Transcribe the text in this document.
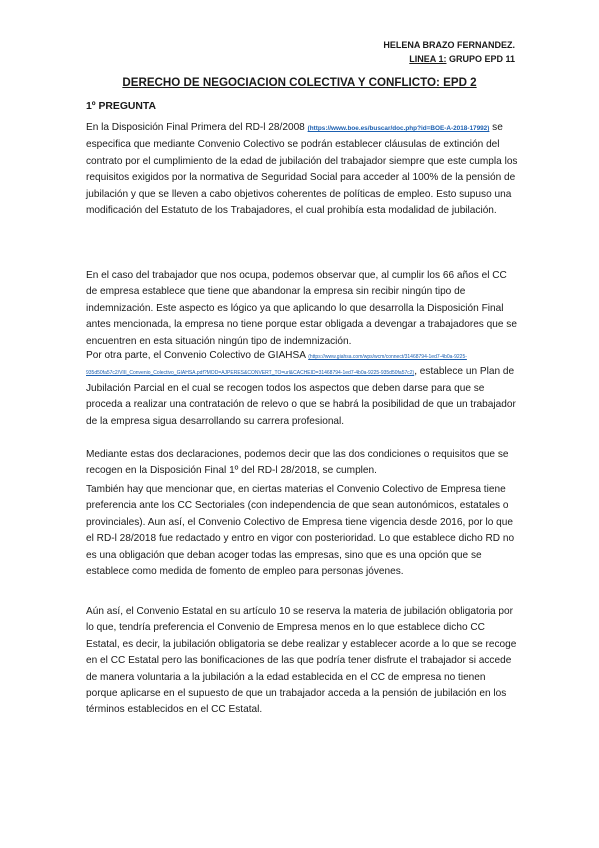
HELENA BRAZO FERNANDEZ.
LINEA 1: GRUPO EPD 11
DERECHO DE NEGOCIACION COLECTIVA Y CONFLICTO: EPD 2
1º PREGUNTA

En la Disposición Final Primera del RD-l 28/2008 (https://www.boe.es/buscar/doc.php?id=BOE-A-2018-17992) se especifica que mediante Convenio Colectivo se podrán establecer cláusulas de extinción del contrato por el cumplimiento de la edad de jubilación del trabajador siempre que este cumpla los requisitos exigidos por la normativa de Seguridad Social para acceder al 100% de la pensión de jubilación y que se lleven a cabo objetivos coherentes de políticas de empleo. Esto supuso una modificación del Estatuto de los Trabajadores, el cual prohibía esta modalidad de jubilación.

En el caso del trabajador que nos ocupa, podemos observar que, al cumplir los 66 años el CC de empresa establece que tiene que abandonar la empresa sin recibir ningún tipo de indemnización. Este aspecto es lógico ya que aplicando lo que desarrolla la Disposición Final antes mencionada, la empresa no tiene porque estar obligada a devengar a trabajadores que se encuentren en esta situación ningún tipo de indemnización.

Por otra parte, el Convenio Colectivo de GIAHSA (https://www.giahsa.com/wps/wcm/connect/31468794-1ed7-4b0a-9225-935d50fa57c2/VIII_Convenio_Colectivo_GIAHSA.pdf?MOD=AJPERES&CONVERT_TO=url&CACHEID=31468794-1ed7-4b0a-9225-935d50fa57c2), establece un Plan de Jubilación Parcial en el cual se recogen todos los aspectos que deben darse para que se proceda a realizar una contratación de relevo o que se habrá la posibilidad de que un trabajador de la empresa sigua desarrollando su carrera profesional.

Mediante estas dos declaraciones, podemos decir que las dos condiciones o requisitos que se recogen en la Disposición Final 1º del RD-l 28/2018, se cumplen.

También hay que mencionar que, en ciertas materias el Convenio Colectivo de Empresa tiene preferencia ante los CC Sectoriales (con independencia de que sean autonómicos, estatales o provinciales). Aun así, el Convenio Colectivo de Empresa tiene vigencia desde 2016, por lo que el RD-l 28/2018 fue redactado y entro en vigor con posterioridad. Lo que establece dicho RD no es una obligación que deban acoger todas las empresas, sino que es una opción que se establece como medida de fomento de empleo para personas jóvenes.

Aún así, el Convenio Estatal en su artículo 10 se reserva la materia de jubilación obligatoria por lo que, tendría preferencia el Convenio de Empresa menos en lo que establece dicho CC Estatal, es decir, la jubilación obligatoria se debe realizar y establecer acorde a lo que se recoge en el CC Estatal pero las bonificaciones de las que podría tener disfrute el trabajador si accede de manera voluntaria a la jubilación a la edad establecida en el CC de empresa no tienen porque aplicarse en el supuesto de que un trabajador acceda a la pensión de jubilación en los términos establecidos en el CC Estatal.
